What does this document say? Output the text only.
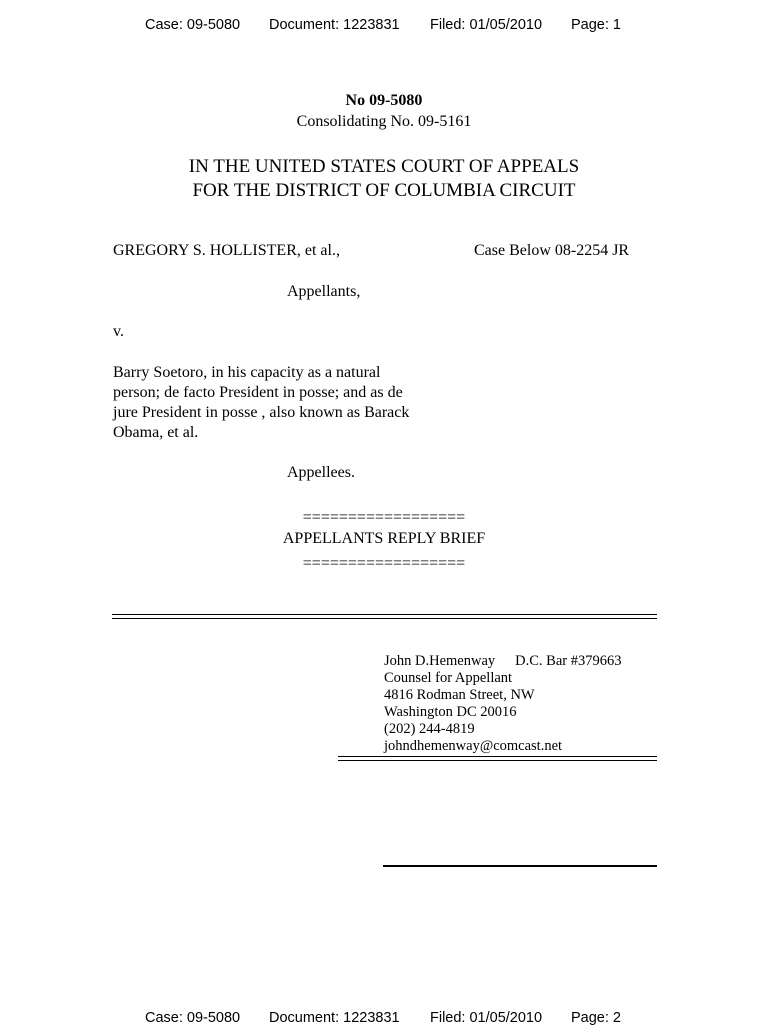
Case: 09-5080 Document: 1223831 Filed: 01/05/2010 Page: 1
No 09-5080
Consolidating No. 09-5161
IN THE UNITED STATES COURT OF APPEALS
FOR THE DISTRICT OF COLUMBIA CIRCUIT
GREGORY S. HOLLISTER, et al.,	Case Below 08-2254 JR
Appellants,
v.
Barry Soetoro, in his capacity as a natural person; de facto President in posse; and as de jure President in posse , also known as Barack Obama, et al.
Appellees.
==================
APPELLANTS REPLY BRIEF
==================
John D.Hemenway D.C. Bar #379663
Counsel for Appellant
4816 Rodman Street, NW
Washington DC 20016
(202) 244-4819
johndhemenway@comcast.net
Case: 09-5080 Document: 1223831 Filed: 01/05/2010 Page: 2
